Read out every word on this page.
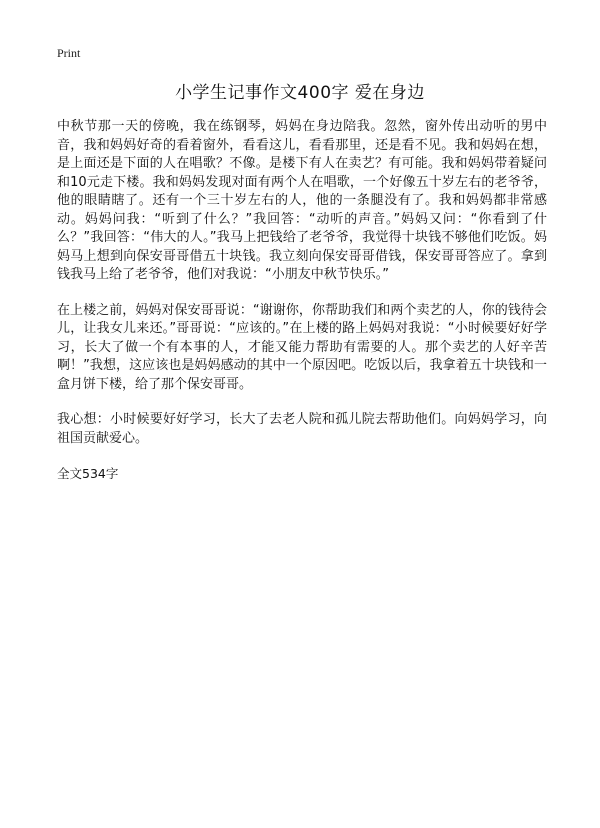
Print
小学生记事作文400字 爱在身边

中秋节那一天的傍晚，我在练钢琴，妈妈在身边陪我。忽然，窗外传出动听的男中音，我和妈妈好奇的看着窗外，看看这儿，看看那里，还是看不见。我和妈妈在想，是上面还是下面的人在唱歌？不像。是楼下有人在卖艺？有可能。我和妈妈带着疑问和10元走下楼。我和妈妈发现对面有两个人在唱歌，一个好像五十岁左右的老爷爷，他的眼睛瞎了。还有一个三十岁左右的人，他的一条腿没有了。我和妈妈都非常感动。妈妈问我：“听到了什么？”我回答：“动听的声音。”妈妈又问：“你看到了什么？”我回答：“伟大的人。”我马上把钱给了老爷爷，我觉得十块钱不够他们吃饭。妈妈马上想到向保安哥哥借五十块钱。我立刻向保安哥哥借钱，保安哥哥答应了。拿到钱我马上给了老爷爷，他们对我说：“小朋友中秋节快乐。”

在上楼之前，妈妈对保安哥哥说：“谢谢你，你帮助我们和两个卖艺的人，你的钱待会儿，让我女儿来还。”哥哥说：“应该的。”在上楼的路上妈妈对我说：“小时候要好好学习，长大了做一个有本事的人，才能又能力帮助有需要的人。那个卖艺的人好辛苦啊！”我想，这应该也是妈妈感动的其中一个原因吧。吃饭以后，我拿着五十块钱和一盒月饼下楼，给了那个保安哥哥。

我心想：小时候要好好学习，长大了去老人院和孤儿院去帮助他们。向妈妈学习，向祖国贡献爱心。

全文534字
